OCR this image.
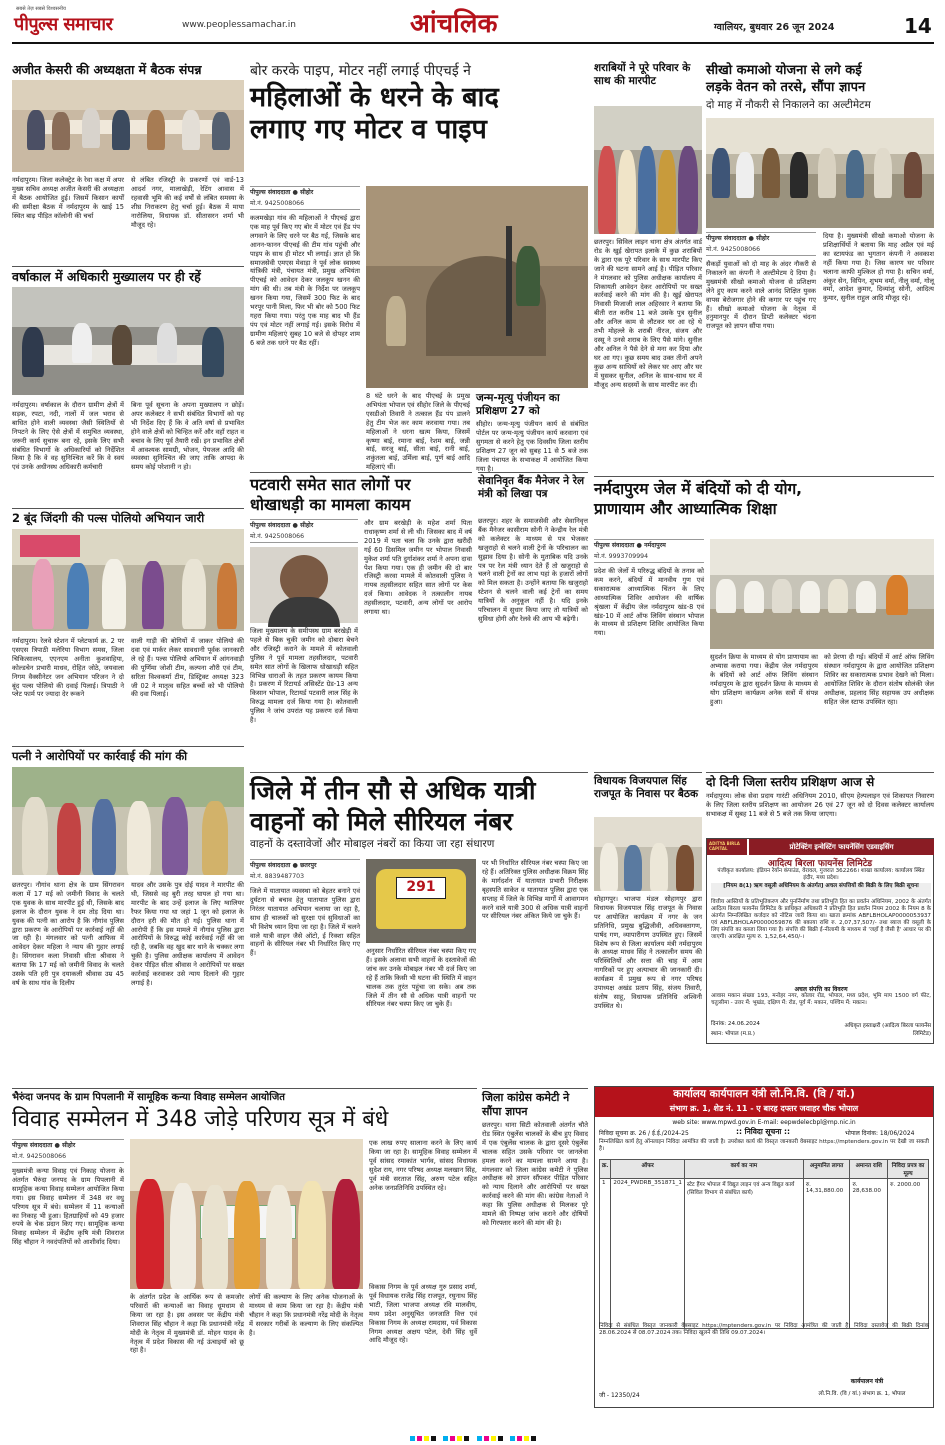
पीपुल्स समाचार
सबसे तेज़ सबसे विश्वसनीय
www.peoplessamachar.in	आंचलिक	ग्वालियर, बुधवार 26 जून 2024	14
अजीत केसरी की अध्यक्षता में बैठक संपन्न

नर्मदापुरम। जिला कलेक्ट्रेट के रेवा कक्ष में अपर मुख्य सचिव अध्यक्ष अजीत केसरी की अध्यक्षता में बैठक आयोजित हुई। जिसमें किसान कार्यों की समीक्षा बैठक में नर्मदापुरम के खाई 15 स्थित बाढ़ पीड़ित कॉलोनी की चर्चा

से लंबित रजिस्ट्री के प्रकरणों एवं वार्ड-13 आदर्श नगर, मालाखेड़ी, रेटिंग आवास में रहवासी भूमि की कई वर्षों से लंबित समस्या के शीघ्र निराकरण हेतु चर्चा हुई। बैठक में माया नारोलिया, विधायक डॉ. सीतासरन शर्मा भी मौजूद रहे।

वर्षाकाल में अधिकारी मुख्यालय पर ही रहें

नर्मदापुरम। वर्षाकाल के दौरान ग्रामीण क्षेत्रों में सड़क, रपटा, नदी, नालों में जल भराव से बाधित होने वाली व्यवस्था जैसी स्थितियों से निपटने के लिए ऐसे क्षेत्रों में समुचित व्यवस्था, जरूरी कार्य सुचारू बना रहे, इसके लिए सभी संबंधित विभागों के अधिकारियों को निर्देशित किया है कि वे वह सुनिश्चित करें कि वे स्वयं एवं उनके अधीनस्थ अधिकारी कर्मचारी

बिना पूर्व सूचना के अपना मुख्यालय न छोड़ें। अपर कलेक्टर ने सभी संबंधित विभागों को यह भी निर्देश दिए हैं कि वे अति वर्षा से प्रभावित होने वाले क्षेत्रों को चिन्हित करें और वहाँ राहत व बचाव के लिए पूर्व तैयारी रखें। इन प्रभावित क्षेत्रों में आवश्यक सामग्री, भोजन, पेयजल आदि की व्यवस्था सुनिश्चित की जाए ताकि आपदा के समय कोई परेशानी न हो।

2 बूंद जिंदगी की पल्स पोलियो अभियान जारी

नर्मदापुरम। रेलवे स्टेशन में प्लेटफार्म क्र. 2 पर एसएस त्रिपाठी मलेरिया विभाग समस, जिला चिकित्सालय, एएनएम अनीता कुशवाहिया, कोल्डचेन प्रभारी माधव, रोहित जोठे, जयवाला निगम वैक्सीनेटर जन अभियान परिजन ने दो बूंद पल्स पोलियो की दवाई पिलाई। त्रिपाठी ने प्लेट फार्म पर ज्यादा देर रूकने

वाली गाड़ी की बोगियों में जाकर पोलियो की दवा एवं मार्कर लेकर सावधानी पूर्वक जानकारी ले रहे हैं। पल्स पोलियो अभियान में आंगनवाड़ी की पूर्णिमा जोशी टीम, कल्पना शौरी एवं टीम, सरिता विश्वकर्मा टीम, डिस्ट्रिक्ट अध्यक्ष 323 जी 02 ने मातृत्व सहित बच्चों को भी पोलियो की दवा पिलाई।

पत्नी ने आरोपियों पर कार्रवाई की मांग की

छतरपुर। नौगांव थाना क्षेत्र के ग्राम सिंगरावन कला में 17 मई को जमीनी विवाद के चलते एक युवक के साथ मारपीट हुई थी, जिसके बाद इलाज के दौरान युवक ने दम तोड़ दिया था। युवक की पत्नी का आरोप है कि नौगांव पुलिस द्वारा प्रकरण के आरोपियों पर कार्रवाई नहीं की जा रही है। मंगलवार को पत्नी आफिस में आवेदन देकर महिला ने न्याय की गुहार लगाई है। सिंगरावन कला निवासी सीता श्रीवास ने बताया कि 17 मई को जमीनी विवाद के चलते उसके पति हरी पुत्र दयाकली श्रीवास उम्र 45 वर्ष के साथ गांव के दिलीप

यादव और उसके पुत्र दोई यादव ने मारपीट की थी, जिससे वह बुरी तरह घायल हो गया था। मारपीट के बाद उन्हें इलाज के लिए ग्वालियर रैफर किया गया था जहां 1 जून को इलाज के दौरान हरी की मौत हो गई। पुलिस थाना में आरोपी हैं कि इस मामले में नौगांव पुलिस द्वारा आरोपियों के विरुद्ध कोई कार्रवाई नहीं की जा रही है, जबकि वह खुद बार थाने के चक्कर लगा चुकी है। पुलिस अधीक्षक कार्यालय में आवेदन देकर पीड़ित सीता श्रीवास ने आरोपियों पर सख्त कार्रवाई करवाकर उसे न्याय दिलाने की गुहार लगाई है।

बोर करके पाइप, मोटर नहीं लगाई पीएचई ने
महिलाओं के धरने के बाद
लगाए गए मोटर व पाइप
पीपुल्स संवाददाता ● सीहोर
मो.नं. 9425008066

कलमखेड़ा गांव की महिलाओं ने पीएचई द्वारा एक माह पूर्व किए गए बोर में मोटर एवं हैंड पंप लगवाने के लिए धरने पर बैठ गईं, जिसके बाद आनन-फानन पीएचई की टीम गांव पहुंची और पाइप के साथ ही मोटर भी लगाई। ज्ञात हो कि समाजसेवी एमएस मेवाड़ा ने पूर्व लोक स्वास्थ्य यांत्रिकी मंत्री, पंचायत मंत्री, प्रमुख अभियंता पीएचई को आवेदन देकर जलकूप खनन की मांग की थी। तब मंत्री के निर्देश पर जलकूप खनन किया गया, जिसमें 300 फिट के बाद भरपूर पानी मिला, फिर भी बोर को 500 फिट गहरा किया गया। परंतु एक माह बाद भी हैंड पंप एवं मोटर नहीं लगाई गई। इसके विरोध में ग्रामीण महिलाएं सुबह 10 बजे से दोपहर शाम 6 बजे तक धरने पर बैठ रहीं।

8 घंटे धरने के बाद पीएचई के प्रमुख अभियंता भोपाल एवं सीहोर जिले के पीएचई एसडीओ तिवारी ने तत्काल हैंड पंप डालने हेतु टीम भेज कर काम करवाया गया। तब महिलाओं ने धरना खत्म किया, जिसमें कृष्णा बाई, रमाना बाई, रेशम बाई, जन्नी बाई, सरजू बाई, सीता बाई, रानी बाई, शकुंतला बाई, उर्मिला बाई, पूर्ण बाई आदि महिलाएं थीं।

जन्म-मृत्यु पंजीयन का प्रशिक्षण 27 को

सीहोर। जन्म-मृत्यु पंजीयन कार्य से संबंधित पोर्टल पर जन्म-मृत्यु पंजीयन कार्य करवाना एवं सुगमता से करने हेतु एक दिवसीय जिला स्तरीय प्रशिक्षण 27 जून को सुबह 11 से 5 बजे तक जिला पंचायत के सभाकक्ष में आयोजित किया गया है।

शराबियों ने पूरे परिवार के साथ की मारपीट

छतरपुर। सिविल लाइन थाना क्षेत्र अंतर्गत वार्ड रोड के खुई खेरापत इलाके में कुछ शराबियों के द्वारा एक पूरे परिवार के साथ मारपीट किए जाने की घटना सामने आई है। पीड़ित परिवार ने मंगलवार को पुलिस अधीक्षक कार्यालय में शिकायती आवेदन देकर आरोपियों पर सख्त कार्रवाई करने की मांग की है। खुई खेरापत निवासी मिजाजी लाल अहिरवार ने बताया कि बीती रात करीब 11 बजे उसके पुत्र सुनील और अनिल काम से लौटकर घर आ रहे थे तभी मोहल्ले के शराबी नीरज, संजय और दस्सू ने उनसे शराब के लिए पैसे मांगे। सुनील और अनिल ने पैसे देने से मना कर दिया और घर आ गए। कुछ समय बाद उक्त तीनों अपने कुछ अन्य साथियों को लेकर घर आए और घर में घुसकर सुनील, अनिल के साथ-साथ घर में मौजूद अन्य सदस्यों के साथ मारपीट कर दी।

सीखो कमाओ योजना से लगे कई
लड़के वेतन को तरसे, सौंपा ज्ञापन
दो माह में नौकरी से निकालने का अल्टीमेटम
पीपुल्स संवाददाता ● सीहोर
मो.नं. 9425008066

सैकड़ों युवाओं को दो माह के अंदर नौकरी से निकालने का कंपनी ने अल्टीमेटम दे दिया है। मुख्यमंत्री सीखो कमाओ योजना से प्रशिक्षण लेने हुए काम करने वाले आनंद शिक्षित युवक वापस बेरोजगार होने की कगार पर पहुंच गए हैं। सीखो कमाओ योजना के नेतृत्व में हनुमानपुर में दौरान डिप्टी कलेक्टर चंदना राजपूत को ज्ञापन सौंपा गया।

दिया है। मुख्यमंत्री सीखो कमाओ योजना के प्रशिक्षार्थियों ने बताया कि माह अप्रैल एवं मई का स्टायफंड का भुगतान कंपनी ने अवकाश नहीं किया गया है। जिस कारण घर परिवार चलाना काफी मुश्किल हो गया है। सचिन वर्मा, अंकुर सेन, विपिन, शुभम वर्मा, नीलू वर्मा, गोलू वर्मा, आदेश कुमार, दिव्यांशु सोनी, आदित्य कुमार, सुनील राहुल आदि मौजूद रहे।

पटवारी समेत सात लोगों पर
धोखाधड़ी का मामला कायम
पीपुल्स संवाददाता ● सीहोर
मो.नं. 9425008066

जिला मुख्यालय के समीपस्थ ग्राम बरखेड़ी में पहले से बिक चुकी जमीन को दोबारा बेचने और रजिस्ट्री कराने के मामले में कोतवाली पुलिस ने पूर्व मामला तहसीलदार, पटवारी समेत सात लोगों के खिलाफ धोखाधड़ी सहित विभिन्न धाराओं के तहत प्रकरण कायम किया है। प्रकरण में रिटायर्ड असिस्टेंट ग्रेड-13 अन्य किसान भोपाल, रिटायर्ड पटवारी लाल सिंह के विरुद्ध मामला दर्ज किया गया है। कोतवाली पुलिस ने जांच उपरांत यह प्रकरण दर्ज किया है।

और ग्राम बरखेड़ी के महेश शर्मा पिता राधाकृष्ण शर्मा से ली थी। जिसका बाद में वर्ष 2019 में पता चला कि उनके द्वारा खरीदी गई 60 डिसमिल जमीन पर भोपाल निवासी मुकेश शर्मा पति दुर्गाशंकर शर्मा ने अपना दावा पेश किया गया। एक ही जमीन की दो बार रजिस्ट्री करवा मामले में कोतवाली पुलिस ने नायब तहसीलदार सहित सात लोगों पर केस दर्ज किया। आवेदक ने तत्कालीन नायब तहसीलदार, पटवारी, अन्य लोगों पर आरोप लगाया था।

सेवानिवृत बैंक मैनेजर ने रेल मंत्री को लिखा पत्र

छतरपुर। शहर के समाजसेवी और सेवानिवृत्त बैंक मैनेजर कासीराम सोनी ने केन्द्रीय रेल मंत्री को कलेक्टर के माध्यम से पत्र भेजकर खजुराहो से चलने वाली ट्रेनों के परिचालन का सुझाव दिया है। सोनी के मुताबिक यदि उनके पत्र पर रेल मंत्री ध्यान देते हैं तो खजुराहो से चलने वाली ट्रेनों का लाभ यहां के हजारों लोगों को मिल सकता है। उन्होंने बताया कि खजुराहो स्टेशन से चलने वाली कई ट्रेनों का समय यात्रियों के अनुकूल नहीं है। यदि इनके परिचालन में सुधार किया जाए तो यात्रियों को सुविधा होगी और रेलवे की आय भी बढ़ेगी।

नर्मदापुरम जेल में बंदियों को दी योग,
प्राणायाम और आध्यात्मिक शिक्षा
पीपुल्स संवाददाता ● नर्मदापुरम
मो.नं. 9993709994

प्रदेश की जेलों में परिरुद्ध बंदियों के तनाव को कम करने, बंदियों में मानवीय गुण एवं सकारात्मक आध्यात्मिक चिंतन के लिए आध्यात्मिक शिविर आयोजन की वार्षिक श्रृंखला में केंद्रीय जेल नर्मदापुरम खंड-8 एवं खंड-10 में आर्ट ऑफ लिविंग संस्थान भोपाल के माध्यम से प्रशिक्षण शिविर आयोजित किया गया।

सुदर्शन क्रिया के माध्यम से योग प्राणायाम का अभ्यास कराया गया। केंद्रीय जेल नर्मदापुरम के बंदियों को आर्ट ऑफ लिविंग संस्थान नर्मदापुरम के द्वारा सुदर्शन क्रिया के माध्यम से योग प्रशिक्षण कार्यक्रम अनेक सत्रों में संपन्न हुआ।

को प्रेरणा दी गई। बंदियों में आर्ट ऑफ लिविंग संस्थान नर्मदापुरम के द्वारा आयोजित प्रशिक्षण शिविर का सकारात्मक प्रभाव देखने को मिला। आयोजित शिविर के दौरान संतोष सोलंकी जेल अधीक्षक, प्रहलाद सिंह सहायक उप अधीक्षक सहित जेल स्टाफ उपस्थित रहा।

जिले में तीन सौ से अधिक यात्री
वाहनों को मिले सीरियल नंबर
वाहनों के दस्तावेजों और मोबाइल नंबरों का किया जा रहा संधारण
पीपुल्स संवाददाता ● छतरपुर
मो.नं. 8839487703

जिले में यातायात व्यवस्था को बेहतर बनाने एवं दुर्घटना से बचाव हेतु यातायात पुलिस द्वारा निरंतर यातायात अभियान चलाया जा रहा है, साथ ही चालकों को सुरक्षा एवं सुविधाओं का भी विशेष ध्यान दिया जा रहा है। जिले में चलने वाले यात्री वाहन जैसे ऑटो, ई रिक्शा सहित वाहनों के सीरियल नंबर भी निर्धारित किए गए हैं।

291

अनुसार निर्धारित सीरियल नंबर चस्पा किए गए हैं। इसके अलावा सभी वाहनों के दस्तावेजों की जांच कर उनके मोबाइल नंबर भी दर्ज किए जा रहे हैं ताकि किसी भी घटना की स्थिति में वाहन चालक तक तुरंत पहुंचा जा सके। अब तक जिले में तीन सौ से अधिक यात्री वाहनों पर सीरियल नंबर चस्पा किए जा चुके हैं।

पर भी निर्धारित सीरियल नंबर चस्पा किए जा रहे हैं। अतिरिक्त पुलिस अधीक्षक विक्रम सिंह के मार्गदर्शन में यातायात प्रभारी निरीक्षक बृहस्पति साकेत व यातायात पुलिस द्वारा एक सप्ताह में जिले के विभिन्न मार्गों में आवागमन करने वाले यात्री 300 से अधिक यात्री वाहनों पर सीरियल नंबर अंकित किये जा चुके हैं।

विधायक विजयपाल सिंह राजपूत के निवास पर बैठक

सोहागपुर। भाजपा मंडल सोहागपुर द्वारा विधायक विजयपाल सिंह राजपूत के निवास पर आयोजित कार्यक्रम में नगर के जन प्रतिनिधि, प्रमुख बुद्धिजीवी, अधिवक्तागण, पार्षद गण, व्यापारीगण उपस्थित हुए। जिसमें विशेष रूप से जिला कार्यालय मंत्री नर्मदापुरम के अध्यक्ष माधव सिंह ने तत्कालीन समय की परिस्थितियों और सत्ता की चाह में आम नागरिकों पर हुए अत्याचार की जानकारी दी। कार्यक्रम में प्रमुख रूप से नगर परिषद उपाध्यक्ष अखंड प्रताप सिंह, संजय तिवारी, संतोष साहू, विधायक प्रतिनिधि अश्विनी उपस्थित थे।

दो दिनी जिला स्तरीय प्रशिक्षण आज से

नर्मदापुरम। लोक सेवा प्रदाय गारंटी अधिनियम 2010, सीएम हेल्पलाइन एवं शिकायत निवारण के लिए जिला स्तरीय प्रशिक्षण का आयोजन 26 एवं 27 जून को दो दिवस कलेक्टर कार्यालय सभाकक्ष में सुबह 11 बजे से 5 बजे तक किया जाएगा।

ADITYA BIRLA CAPITAL	प्रोटेक्टिंग इन्वेस्टिंग फायनेंसिंग एडवाइसिंग
आदित्य बिरला फायनेंस लिमिटेड

पंजीकृत कार्यालय: इंडियन रेयॉन कंपाउंड, वेरावल, गुजरात 362266। शाखा कार्यालय: कार्यालय स्थित इंदौर, मध्य प्रदेश।

[नियम 8(1) ऋण वसूली अधिनियम के अंतर्गत] अचल संपत्तियों की बिक्री के लिए बिक्री सूचना

वित्तीय आस्तियों के प्रतिभूतिकरण और पुनर्निर्माण तथा प्रतिभूति हित का प्रवर्तन अधिनियम, 2002 के अंतर्गत आदित्य बिरला फायनेंस लिमिटेड के प्राधिकृत अधिकारी ने प्रतिभूति हित प्रवर्तन नियम 2002 के नियम 8 के अंतर्गत निम्नलिखित कर्जदार को नोटिस जारी किया था। खाता क्रमांक ABFLBHOLAP0000053937 एवं ABFLBHOLAP0000059876 की बकाया राशि रु. 2,07,37,507/- तथा ब्याज की वसूली के लिए संपत्ति का कब्जा लिया गया है। संपत्ति की बिक्री ई-नीलामी के माध्यम से 'जहाँ है जैसी है' आधार पर की जाएगी। आरक्षित मूल्य रु. 1,52,64,450/-।

अचल संपत्ति का विवरण

आवास मकान संख्या 193, मनोहर नगर, कोलार रोड, भोपाल, मध्य प्रदेश, भूमि माप 1500 वर्ग फीट, चतुःसीमा - उत्तर में: भूखंड, दक्षिण में: रोड, पूर्व में: मकान, पश्चिम में: मकान।

दिनांक: 24.06.2024
स्थान: भोपाल (म.प्र.)
अधिकृत हस्ताक्षरी (आदित्य बिरला फायनेंस लिमिटेड)
भैरुंदा जनपद के ग्राम पिपलानी में सामूहिक कन्या विवाह सम्मेलन आयोजित
विवाह सम्मेलन में 348 जोड़े परिणय सूत्र में बंधे
पीपुल्स संवाददाता ● सीहोर
मो.नं. 9425008066

मुख्यमंत्री कन्या विवाह एवं निकाह योजना के अंतर्गत भैरुंदा जनपद के ग्राम पिपलानी में सामूहिक कन्या विवाह सम्मेलन आयोजित किया गया। इस विवाह सम्मेलन में 348 वर वधु परिणय सूत्र में बंधे। सम्मेलन में 11 कन्याओं का निकाह भी हुआ। हितग्राहियों को 49 हजार रुपये के चेक प्रदान किए गए। सामूहिक कन्या विवाह सम्मेलन में केंद्रीय कृषि मंत्री शिवराज सिंह चौहान ने नवदंपतियों को आशीर्वाद दिया।

के अंतर्गत प्रदेश के आर्थिक रूप से कमजोर परिवारों की कन्याओं का विवाह धूमधाम से किया जा रहा है। इस अवसर पर केंद्रीय मंत्री शिवराज सिंह चौहान ने कहा कि प्रधानमंत्री नरेंद्र मोदी के नेतृत्व में मुख्यमंत्री डॉ. मोहन यादव के नेतृत्व में प्रदेश विकास की नई ऊंचाइयों को छू रहा है।

लोगों की कल्याण के लिए अनेक योजनाओं के माध्यम से काम किया जा रहा है। केंद्रीय मंत्री चौहान ने कहा कि प्रधानमंत्री नरेंद्र मोदी के नेतृत्व में सरकार गरीबों के कल्याण के लिए संकल्पित है।

एक लाख रुपए सालाना करने के लिए कार्य किया जा रहा है। सामूहिक विवाह सम्मेलन में पूर्व सांसद रमाकांत भार्गव, सांसद विधायक सुदेश राय, नगर परिषद अध्यक्ष मलखान सिंह, पूर्व मंत्री सरताज सिंह, अरुण पटेल सहित अनेक जनप्रतिनिधि उपस्थित रहे।

विकास निगम के पूर्व अध्यक्ष गुरु प्रसाद शर्मा, पूर्व विधायक राजेंद्र सिंह राजपूत, रघुनाथ सिंह भाटी, जिला भाजपा अध्यक्ष रवि मालवीय, मध्य प्रदेश अनुसूचित जनजाति वित्त एवं विकास निगम के अध्यक्ष रामदास, पर्व विकास निगम अध्यक्ष अक्षय पटेल, देवी सिंह धुर्वे आदि मौजूद रहे।

जिला कांग्रेस कमेटी ने सौंपा ज्ञापन

छतरपुर। थाना सिटी कोतवाली अंतर्गत चौते रोड स्थित एंबुलेंस चालकों के बीच हुए विवाद में एक एंबुलेंस चालक के द्वारा दूसरे एंबुलेंस चालक सहित उसके परिवार पर जानलेवा हमला करने का मामला सामने आया है। मंगलवार को जिला कांग्रेस कमेटी ने पुलिस अधीक्षक को ज्ञापन सौंपकर पीड़ित परिवार को न्याय दिलाने और आरोपियों पर सख्त कार्रवाई करने की मांग की। कांग्रेस नेताओं ने कहा कि पुलिस अधीक्षक से मिलकर पूरे मामले की निष्पक्ष जांच कराने और दोषियों को गिरफ्तार करने की मांग की है।

कार्यालय कार्यपालन यंत्री लो.नि.वि. (वि / यां.)
संभाग क्र. 1, शेड नं. 11 - ए बारह दफ्तर जवाहर चौक भोपाल
web site: www.mpwd.gov.in E-mail: eepwdelecbpl@mp.nic.in
निविदा सूचना क्र. 26 / ई.ई./2024-25	:: निविदा सूचना ::	भोपाल दिनांक: 18/06/2024

निम्नलिखित कार्य हेतु ऑनलाइन निविदा आमंत्रित की जाती है। उपरोक्त कार्य की विस्तृत जानकारी वेबसाइट https://mptenders.gov.in पर देखी जा सकती है।

क्र.	ऑफर	कार्य का नाम	अनुमानित लागत	अमानत राशि	निविदा प्रपत्र का मूल्य
1	2024_PWDRB_351871_1	स्टेट हैंगर भोपाल में विद्युत लाइन एवं अन्य विद्युत कार्य (सिविल विभाग से संबंधित कार्य)	रु. 14,31,880.00	रु. 28,638.00	रु. 2000.00

निविदा से संबंधित विस्तृत जानकारी वेबसाइट https://mptenders.gov.in पर निविदा आमंत्रित की जाती है। निविदा दस्तावेज की बिक्री दिनांक 28.06.2024 से 08.07.2024 तक। निविदा खुलने की तिथि 09.07.2024।

जी - 12350/24
कार्यपालन यंत्री
लो.नि.वि. (वि / यां.) संभाग क्र. 1, भोपाल
